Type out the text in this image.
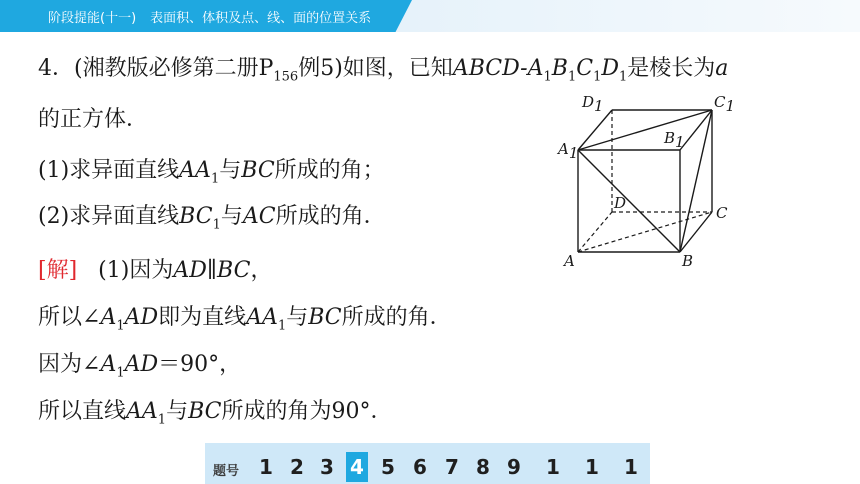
阶段提能(十一) 表面积、体积及点、线、面的位置关系
4．(湘教版必修第二册$P_{156}$例5)如图，已知ABCD-$A_1B_1C_1D_1$是棱长为a
的正方体．
(1)求异面直线$AA_1$与BC所成的角；
(2)求异面直线$BC_1$与AC所成的角．
[解] (1)因为AD∥BC，
所以$\angle A_1AD$即为直线$AA_1$与BC所成的角．
因为$\angle A_1AD=90^\circ$，
所以直线$AA_1$与BC所成的角为90°．
D1	C1
A1
B1
D
C
A	B
题号 1 2 3 4 5 6 7 8 9 1 1 1
